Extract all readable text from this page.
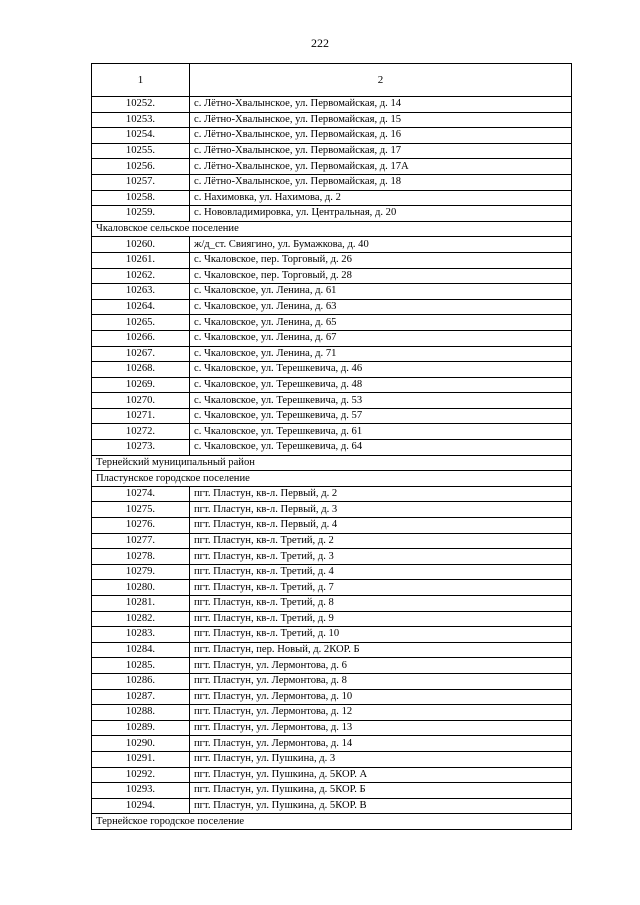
222
1	2
10252.	с. Лётно-Хвалынское, ул. Первомайская, д. 14
10253.	с. Лётно-Хвалынское, ул. Первомайская, д. 15
10254.	с. Лётно-Хвалынское, ул. Первомайская, д. 16
10255.	с. Лётно-Хвалынское, ул. Первомайская, д. 17
10256.	с. Лётно-Хвалынское, ул. Первомайская, д. 17А
10257.	с. Лётно-Хвалынское, ул. Первомайская, д. 18
10258.	с. Нахимовка, ул. Нахимова, д. 2
10259.	с. Нововладимировка, ул. Центральная, д. 20
Чкаловское сельское поселение	
10260.	ж/д_ст. Свиягино, ул. Бумажкова, д. 40
10261.	с. Чкаловское, пер. Торговый, д. 26
10262.	с. Чкаловское, пер. Торговый, д. 28
10263.	с. Чкаловское, ул. Ленина, д. 61
10264.	с. Чкаловское, ул. Ленина, д. 63
10265.	с. Чкаловское, ул. Ленина, д. 65
10266.	с. Чкаловское, ул. Ленина, д. 67
10267.	с. Чкаловское, ул. Ленина, д. 71
10268.	с. Чкаловское, ул. Терешкевича, д. 46
10269.	с. Чкаловское, ул. Терешкевича, д. 48
10270.	с. Чкаловское, ул. Терешкевича, д. 53
10271.	с. Чкаловское, ул. Терешкевича, д. 57
10272.	с. Чкаловское, ул. Терешкевича, д. 61
10273.	с. Чкаловское, ул. Терешкевича, д. 64
Тернейский муниципальный район	
Пластунское городское поселение	
10274.	пгт. Пластун, кв-л. Первый, д. 2
10275.	пгт. Пластун, кв-л. Первый, д. 3
10276.	пгт. Пластун, кв-л. Первый, д. 4
10277.	пгт. Пластун, кв-л. Третий, д. 2
10278.	пгт. Пластун, кв-л. Третий, д. 3
10279.	пгт. Пластун, кв-л. Третий, д. 4
10280.	пгт. Пластун, кв-л. Третий, д. 7
10281.	пгт. Пластун, кв-л. Третий, д. 8
10282.	пгт. Пластун, кв-л. Третий, д. 9
10283.	пгт. Пластун, кв-л. Третий, д. 10
10284.	пгт. Пластун, пер. Новый, д. 2КОР. Б
10285.	пгт. Пластун, ул. Лермонтова, д. 6
10286.	пгт. Пластун, ул. Лермонтова, д. 8
10287.	пгт. Пластун, ул. Лермонтова, д. 10
10288.	пгт. Пластун, ул. Лермонтова, д. 12
10289.	пгт. Пластун, ул. Лермонтова, д. 13
10290.	пгт. Пластун, ул. Лермонтова, д. 14
10291.	пгт. Пластун, ул. Пушкина, д. 3
10292.	пгт. Пластун, ул. Пушкина, д. 5КОР. А
10293.	пгт. Пластун, ул. Пушкина, д. 5КОР. Б
10294.	пгт. Пластун, ул. Пушкина, д. 5КОР. В
Тернейское городское поселение	
